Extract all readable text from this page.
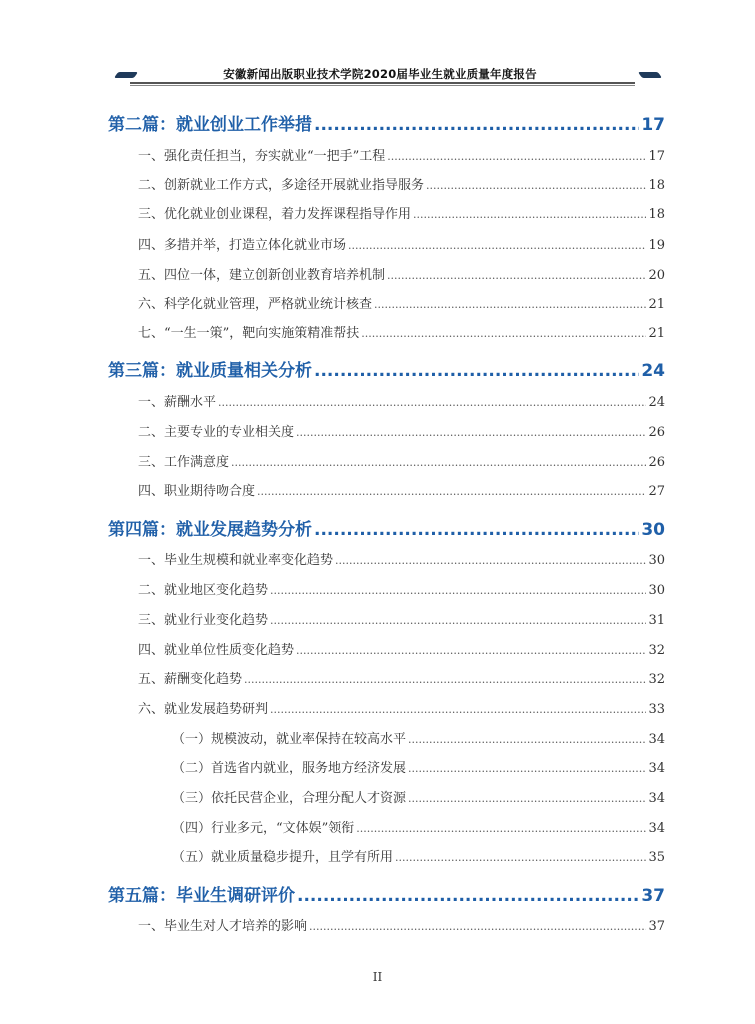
安徽新闻出版职业技术学院2020届毕业生就业质量年度报告
第二篇：就业创业工作举措 .....	17
一、强化责任担当，夯实就业“一把手”工程 .....	17
二、创新就业工作方式，多途径开展就业指导服务 .....	18
三、优化就业创业课程，着力发挥课程指导作用 .....	18
四、多措并举，打造立体化就业市场 .....	19
五、四位一体，建立创新创业教育培养机制 .....	20
六、科学化就业管理，严格就业统计核查 .....	21
七、“一生一策”，靶向实施策精准帮扶 .....	21
第三篇：就业质量相关分析 .....	24
一、薪酬水平 .....	24
二、主要专业的专业相关度 .....	26
三、工作满意度 .....	26
四、职业期待吻合度 .....	27
第四篇：就业发展趋势分析 .....	30
一、毕业生规模和就业率变化趋势 .....	30
二、就业地区变化趋势 .....	30
三、就业行业变化趋势 .....	31
四、就业单位性质变化趋势 .....	32
五、薪酬变化趋势 .....	32
六、就业发展趋势研判 .....	33
（一）规模波动，就业率保持在较高水平 .....	34
（二）首选省内就业，服务地方经济发展 .....	34
（三）依托民营企业，合理分配人才资源 .....	34
（四）行业多元，“文体娱”领衔 .....	34
（五）就业质量稳步提升，且学有所用 .....	35
第五篇：毕业生调研评价 .....	37
一、毕业生对人才培养的影响 .....	37
II
